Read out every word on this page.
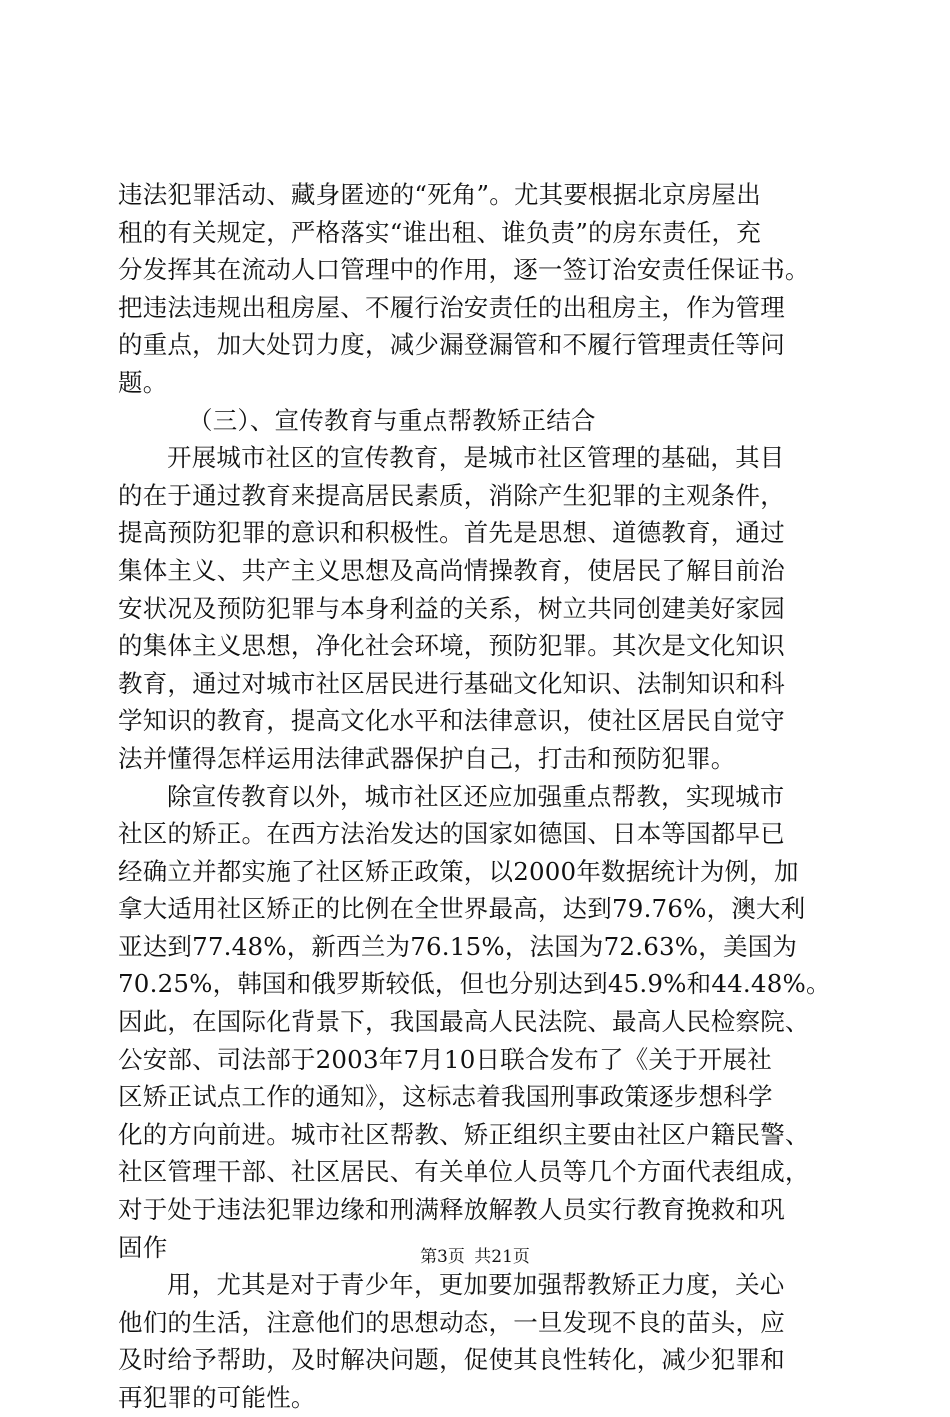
违法犯罪活动、藏身匿迹的“死角”。尤其要根据北京房屋出
租的有关规定，严格落实“谁出租、谁负责”的房东责任，充
分发挥其在流动人口管理中的作用，逐一签订治安责任保证书。
把违法违规出租房屋、不履行治安责任的出租房主，作为管理
的重点，加大处罚力度，减少漏登漏管和不履行管理责任等问
题。
（三）、宣传教育与重点帮教矫正结合
开展城市社区的宣传教育，是城市社区管理的基础，其目
的在于通过教育来提高居民素质，消除产生犯罪的主观条件，
提高预防犯罪的意识和积极性。首先是思想、道德教育，通过
集体主义、共产主义思想及高尚情操教育，使居民了解目前治
安状况及预防犯罪与本身利益的关系，树立共同创建美好家园
的集体主义思想，净化社会环境，预防犯罪。其次是文化知识
教育，通过对城市社区居民进行基础文化知识、法制知识和科
学知识的教育，提高文化水平和法律意识，使社区居民自觉守
法并懂得怎样运用法律武器保护自己，打击和预防犯罪。
除宣传教育以外，城市社区还应加强重点帮教，实现城市
社区的矫正。在西方法治发达的国家如德国、日本等国都早已
经确立并都实施了社区矫正政策，以2000年数据统计为例，加
拿大适用社区矫正的比例在全世界最高，达到79.76%，澳大利
亚达到77.48%，新西兰为76.15%，法国为72.63%，美国为
70.25%，韩国和俄罗斯较低，但也分别达到45.9%和44.48%。
因此，在国际化背景下，我国最高人民法院、最高人民检察院、
公安部、司法部于2003年7月10日联合发布了《关于开展社
区矫正试点工作的通知》，这标志着我国刑事政策逐步想科学
化的方向前进。城市社区帮教、矫正组织主要由社区户籍民警、
社区管理干部、社区居民、有关单位人员等几个方面代表组成，
对于处于违法犯罪边缘和刑满释放解教人员实行教育挽救和巩
固作
用，尤其是对于青少年，更加要加强帮教矫正力度，关心
他们的生活，注意他们的思想动态，一旦发现不良的苗头，应
及时给予帮助，及时解决问题，促使其良性转化，减少犯罪和
再犯罪的可能性。
第3页 共21页
